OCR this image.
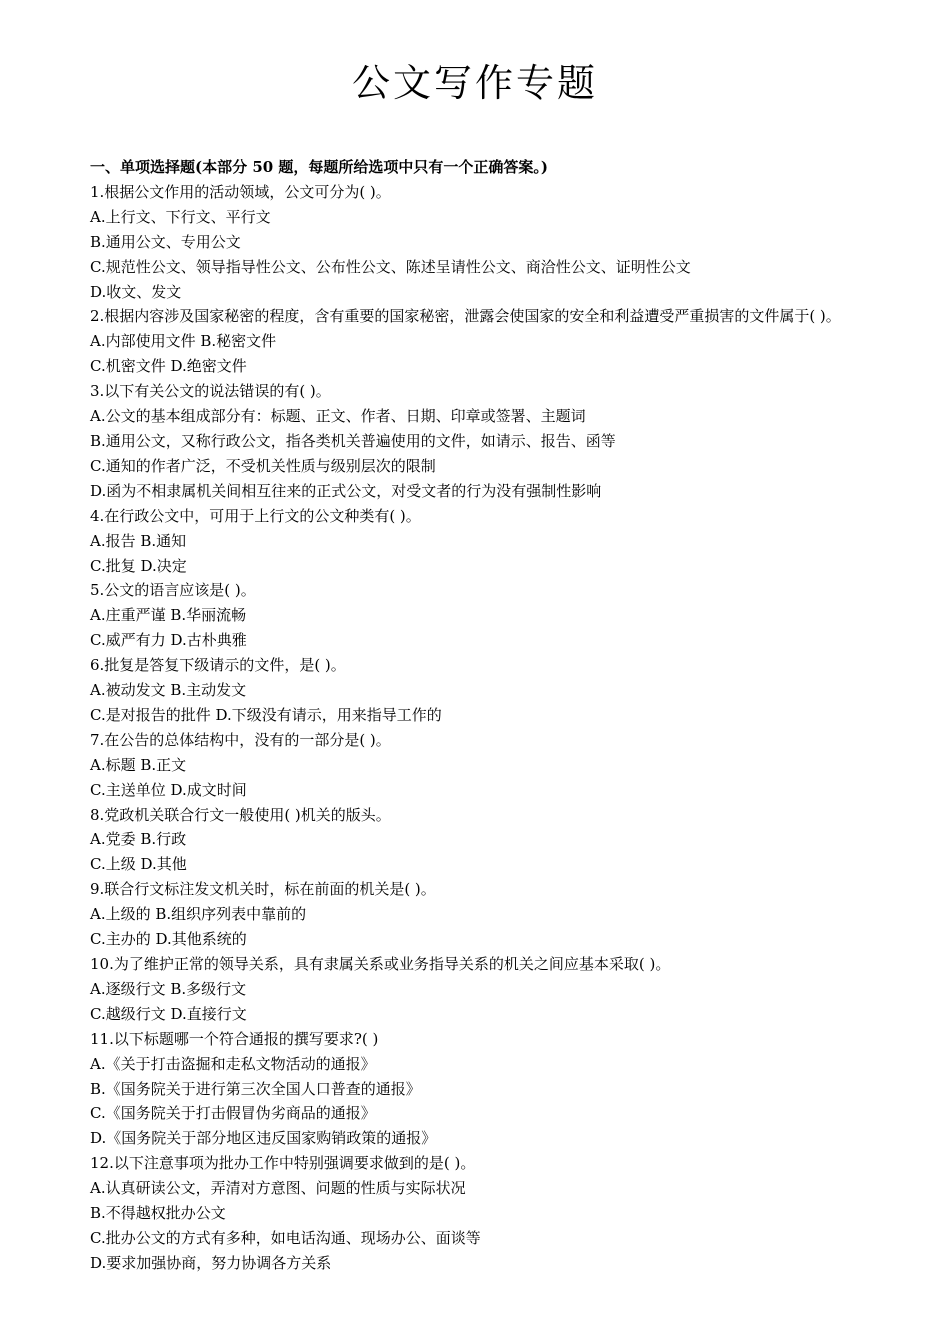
公文写作专题
一、单项选择题(本部分 50 题，每题所给选项中只有一个正确答案。)
1.根据公文作用的活动领域，公文可分为( )。
A.上行文、下行文、平行文
B.通用公文、专用公文
C.规范性公文、领导指导性公文、公布性公文、陈述呈请性公文、商洽性公文、证明性公文
D.收文、发文
2.根据内容涉及国家秘密的程度，含有重要的国家秘密，泄露会使国家的安全和利益遭受严重损害的文件属于( )。
A.内部使用文件 B.秘密文件
C.机密文件 D.绝密文件
3.以下有关公文的说法错误的有( )。
A.公文的基本组成部分有：标题、正文、作者、日期、印章或签署、主题词
B.通用公文，又称行政公文，指各类机关普遍使用的文件，如请示、报告、函等
C.通知的作者广泛，不受机关性质与级别层次的限制
D.函为不相隶属机关间相互往来的正式公文，对受文者的行为没有强制性影响
4.在行政公文中，可用于上行文的公文种类有( )。
A.报告 B.通知
C.批复 D.决定
5.公文的语言应该是( )。
A.庄重严谨 B.华丽流畅
C.威严有力 D.古朴典雅
6.批复是答复下级请示的文件，是( )。
A.被动发文 B.主动发文
C.是对报告的批件 D.下级没有请示，用来指导工作的
7.在公告的总体结构中，没有的一部分是( )。
A.标题 B.正文
C.主送单位 D.成文时间
8.党政机关联合行文一般使用( )机关的版头。
A.党委 B.行政
C.上级 D.其他
9.联合行文标注发文机关时，标在前面的机关是( )。
A.上级的 B.组织序列表中靠前的
C.主办的 D.其他系统的
10.为了维护正常的领导关系，具有隶属关系或业务指导关系的机关之间应基本采取( )。
A.逐级行文 B.多级行文
C.越级行文 D.直接行文
11.以下标题哪一个符合通报的撰写要求?( )
A.《关于打击盗掘和走私文物活动的通报》
B.《国务院关于进行第三次全国人口普查的通报》
C.《国务院关于打击假冒伪劣商品的通报》
D.《国务院关于部分地区违反国家购销政策的通报》
12.以下注意事项为批办工作中特别强调要求做到的是( )。
A.认真研读公文，弄清对方意图、问题的性质与实际状况
B.不得越权批办公文
C.批办公文的方式有多种，如电话沟通、现场办公、面谈等
D.要求加强协商，努力协调各方关系
